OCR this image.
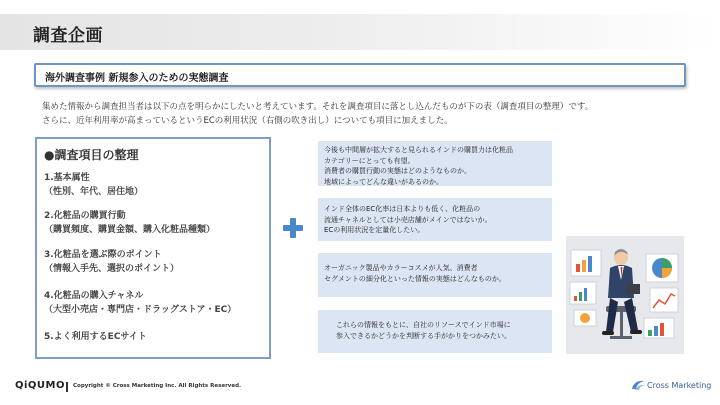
調査企画
海外調査事例 新規参入のための実態調査
集めた情報から調査担当者は以下の点を明らかにしたいと考えています。それを調査項目に落とし込んだものが下の表（調査項目の整理）です。
さらに、近年利用率が高まっているというECの利用状況（右側の吹き出し）についても項目に加えました。
●調査項目の整理
1.基本属性
（性別、年代、居住地）
2.化粧品の購買行動
（購買頻度、購買金額、購入化粧品種類）
3.化粧品を選ぶ際のポイント
（情報入手先、選択のポイント）
4.化粧品の購入チャネル
（大型小売店・専門店・ドラッグストア・EC）
5.よく利用するECサイト
今後も中間層が拡大すると見られるインドの購買力は化粧品
カテゴリーにとっても有望。
消費者の購買行動の実態はどのようなものか。
地域によってどんな違いがあるのか。
インド全体のEC化率は日本よりも低く、化粧品の
流通チャネルとしては小売店舗がメインではないか。
ECの利用状況を定量化したい。
オーガニック製品やカラーコスメが人気、消費者
セグメントの細分化といった情報の実態はどんなものか。
これらの情報をもとに、自社のリソースでインド市場に
参入できるかどうかを判断する手がかりをつかみたい。
QiQUMO Copyright © Cross Marketing Inc. All Rights Reserved.	Cross Marketing
